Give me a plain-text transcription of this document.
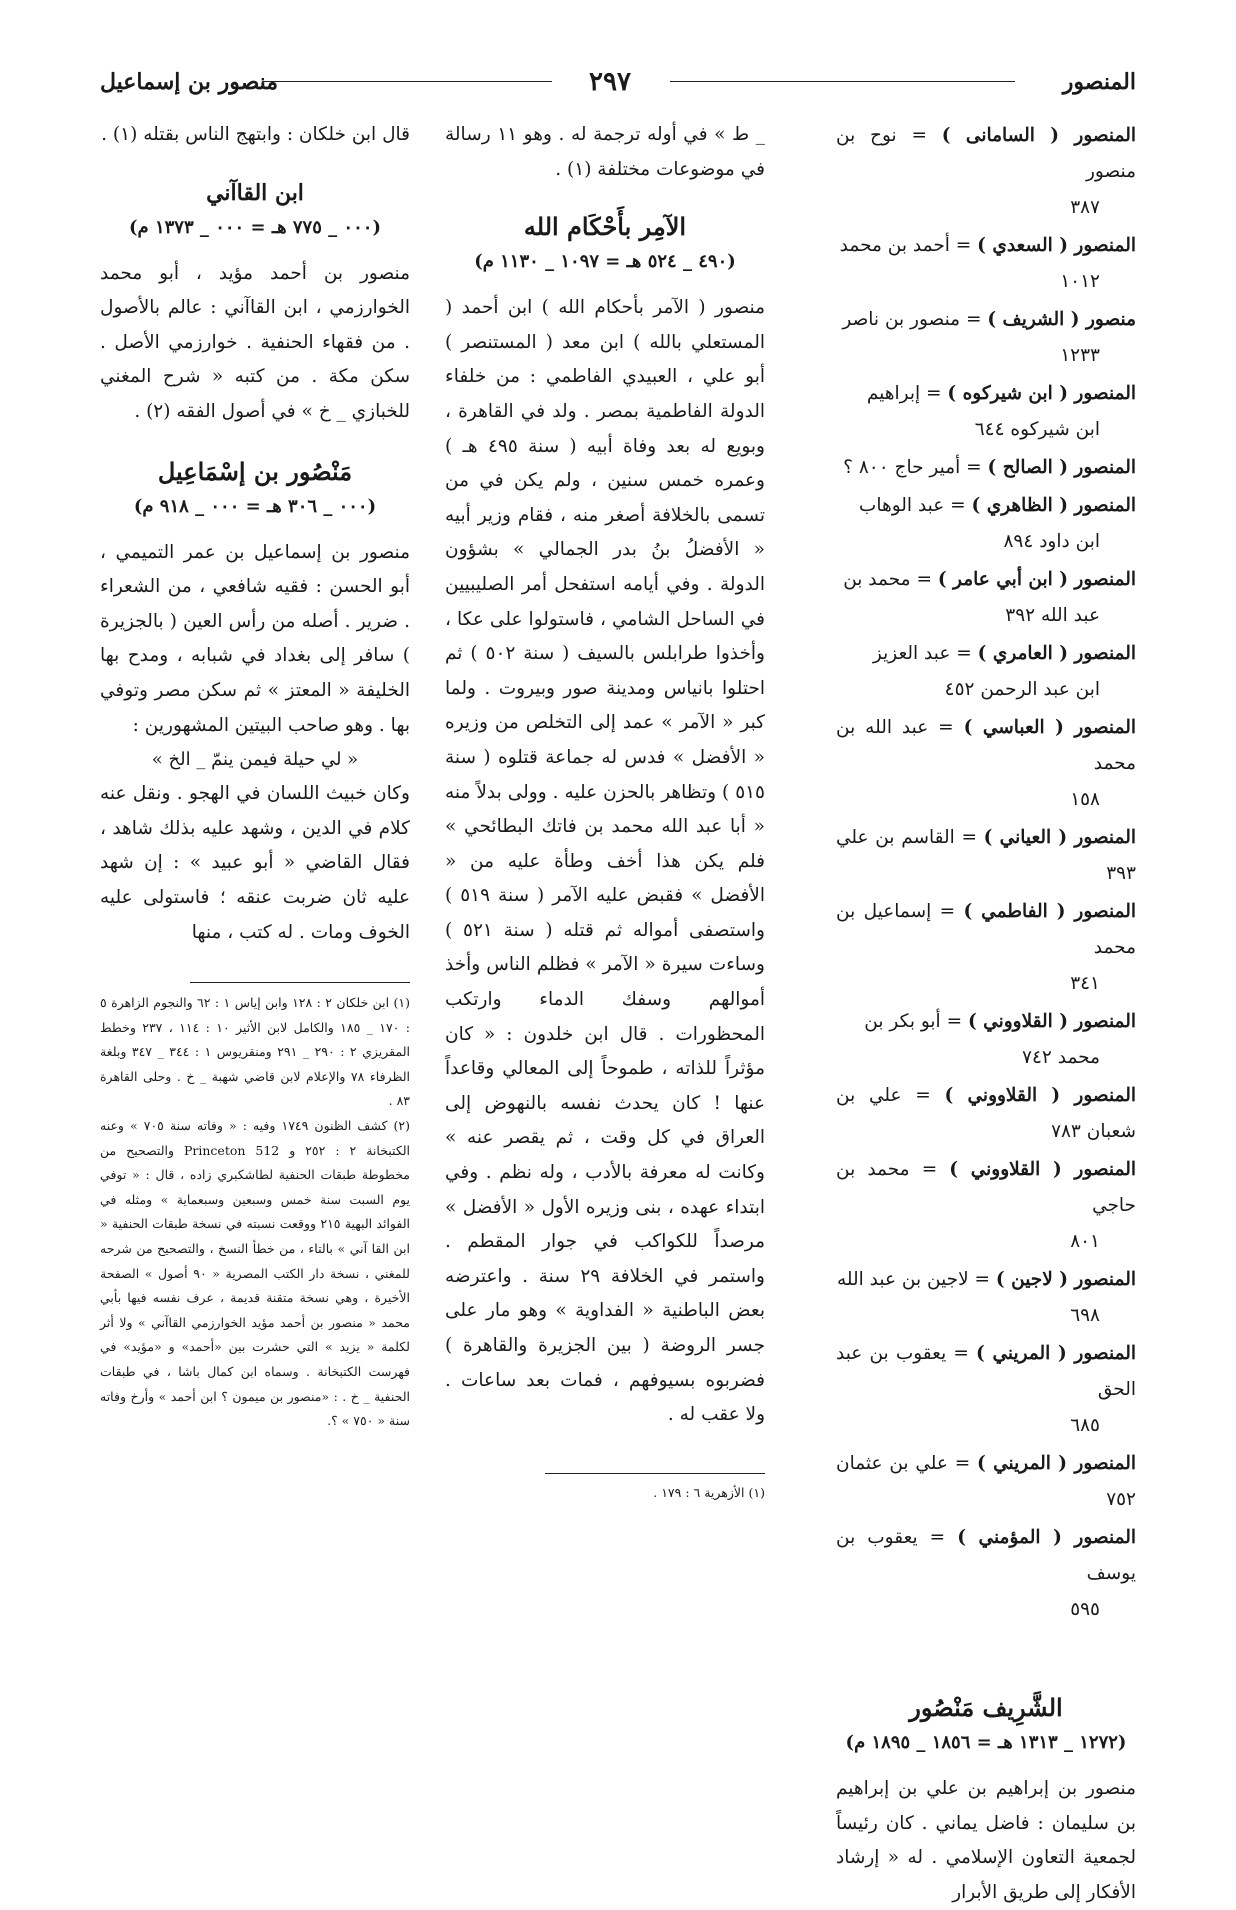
المنصور
٢٩٧
منصور بن إسماعيل

المنصور ( السامانى ) = نوح بن منصور
٣٨٧

المنصور ( السعدي ) = أحمد بن محمد
١٠١٢

منصور ( الشريف ) = منصور بن ناصر
١٢٣٣

المنصور ( ابن شيركوه ) = إبراهيم
ابن شيركوه ٦٤٤

المنصور ( الصالح ) = أمير حاج ٨٠٠ ؟

المنصور ( الظاهري ) = عبد الوهاب
ابن داود ٨٩٤

المنصور ( ابن أبي عامر ) = محمد بن
عبد الله ٣٩٢

المنصور ( العامري ) = عبد العزيز
ابن عبد الرحمن ٤٥٢

المنصور ( العباسي ) = عبد الله بن محمد
١٥٨

المنصور ( العياني ) = القاسم بن علي ٣٩٣

المنصور ( الفاطمي ) = إسماعيل بن محمد
٣٤١

المنصور ( القلاووني ) = أبو بكر بن
محمد ٧٤٢

المنصور ( القلاووني ) = علي بن شعبان ٧٨٣

المنصور ( القلاووني ) = محمد بن حاجي
٨٠١

المنصور ( لاجين ) = لاجين بن عبد الله
٦٩٨

المنصور ( المريني ) = يعقوب بن عبد الحق
٦٨٥

المنصور ( المريني ) = علي بن عثمان ٧٥٢

المنصور ( المؤمني ) = يعقوب بن يوسف
٥٩٥

الشَّرِيف مَنْصُور

(١٢٧٢ _ ١٣١٣ هـ = ١٨٥٦ _ ١٨٩٥ م)

منصور بن إبراهيم بن علي بن إبراهيم بن سليمان : فاضل يماني . كان رئيساً لجمعية التعاون الإسلامي . له « إرشاد الأفكار إلى طريق الأبرار

_ ط » في أوله ترجمة له . وهو ١١ رسالة في موضوعات مختلفة (١) .

الآمِر بأَحْكَام الله

(٤٩٠ _ ٥٢٤ هـ = ١٠٩٧ _ ١١٣٠ م)

منصور ( الآمر بأحكام الله ) ابن أحمد ( المستعلي بالله ) ابن معد ( المستنصر ) أبو علي ، العبيدي الفاطمي : من خلفاء الدولة الفاطمية بمصر . ولد في القاهرة ، وبويع له بعد وفاة أبيه ( سنة ٤٩٥ هـ ) وعمره خمس سنين ، ولم يكن في من تسمى بالخلافة أصغر منه ، فقام وزير أبيه « الأفضلُ بنُ بدر الجمالي » بشؤون الدولة . وفي أيامه استفحل أمر الصليبيين في الساحل الشامي ، فاستولوا على عكا ، وأخذوا طرابلس بالسيف ( سنة ٥٠٢ ) ثم احتلوا بانياس ومدينة صور وبيروت . ولما كبر « الآمر » عمد إلى التخلص من وزيره « الأفضل » فدس له جماعة قتلوه ( سنة ٥١٥ ) وتظاهر بالحزن عليه . وولى بدلاً منه « أبا عبد الله محمد بن فاتك البطائحي » فلم يكن هذا أخف وطأة عليه من « الأفضل » فقبض عليه الآمر ( سنة ٥١٩ ) واستصفى أمواله ثم قتله ( سنة ٥٢١ ) وساءت سيرة « الآمر » فظلم الناس وأخذ أموالهم وسفك الدماء وارتكب المحظورات . قال ابن خلدون : « كان مؤثراً للذاته ، طموحاً إلى المعالي وقاعداً عنها ! كان يحدث نفسه بالنهوض إلى العراق في كل وقت ، ثم يقصر عنه » وكانت له معرفة بالأدب ، وله نظم . وفي ابتداء عهده ، بنى وزيره الأول « الأفضل » مرصداً للكواكب في جوار المقطم . واستمر في الخلافة ٢٩ سنة . واعترضه بعض الباطنية « الفداوية » وهو مار على جسر الروضة ( بين الجزيرة والقاهرة ) فضربوه بسيوفهم ، فمات بعد ساعات . ولا عقب له .

(١) الأزهرية ٦ : ١٧٩ .

قال ابن خلكان : وابتهج الناس بقتله (١) .

ابن القاآني

(٠٠٠ _ ٧٧٥ هـ = ٠٠٠ _ ١٣٧٣ م)

منصور بن أحمد مؤيد ، أبو محمد الخوارزمي ، ابن القاآني : عالم بالأصول . من فقهاء الحنفية . خوارزمي الأصل . سكن مكة . من كتبه « شرح المغني للخبازي _ خ » في أصول الفقه (٢) .

مَنْصُور بن إسْمَاعِيل

(٠٠٠ _ ٣٠٦ هـ = ٠٠٠ _ ٩١٨ م)

منصور بن إسماعيل بن عمر التميمي ، أبو الحسن : فقيه شافعي ، من الشعراء . ضرير . أصله من رأس العين ( بالجزيرة ) سافر إلى بغداد في شبابه ، ومدح بها الخليفة « المعتز » ثم سكن مصر وتوفي بها . وهو صاحب البيتين المشهورين :

« لي حيلة فيمن ينمّ _ الخ »

وكان خبيث اللسان في الهجو . ونقل عنه كلام في الدين ، وشهد عليه بذلك شاهد ، فقال القاضي « أبو عبيد » : إن شهد عليه ثان ضربت عنقه ؛ فاستولى عليه الخوف ومات . له كتب ، منها

(١) ابن خلكان ٢ : ١٢٨ وابن إياس ١ : ٦٢ والنجوم الزاهرة ٥ : ١٧٠ _ ١٨٥ والكامل لابن الأثير ١٠ : ١١٤ ، ٢٣٧ وخطط المقريزي ٢ : ٢٩٠ _ ٢٩١ ومنقريوس ١ : ٣٤٤ _ ٣٤٧ وبلغة الظرفاء ٧٨ والإعلام لابن قاضي شهبة _ خ . وحلى القاهرة ٨٣ .

(٢) كشف الظنون ١٧٤٩ وفيه : « وفاته سنة ٧٠٥ » وعنه الكتبخانة ٢ : ٢٥٢ و Princeton 512 والتصحيح من مخطوطة طبقات الحنفية لطاشكبري زاده ، قال : « توفي يوم السبت سنة خمس وسبعين وسبعماية » ومثله في الفوائد البهية ٢١٥ ووقعت نسبته في نسخة طبقات الحنفية « ابن القا آني » بالتاء ، من خطأ النسخ ، والتصحيح من شرحه للمغني ، نسخة دار الكتب المصرية « ٩٠ أصول » الصفحة الأخيرة ، وهي نسخة متقنة قديمة ، عرف نفسه فيها بأبي محمد « منصور بن أحمد مؤيد الخوارزمي القاآني » ولا أثر لكلمة « يزيد » التي حشرت بين «أحمد» و «مؤيد» في فهرست الكتبخانة . وسماه ابن كمال باشا ، في طبقات الحنفية _ خ . : «منصور بن ميمون ؟ ابن أحمد » وأرخ وفاته سنة « ٧٥٠ » ؟.
